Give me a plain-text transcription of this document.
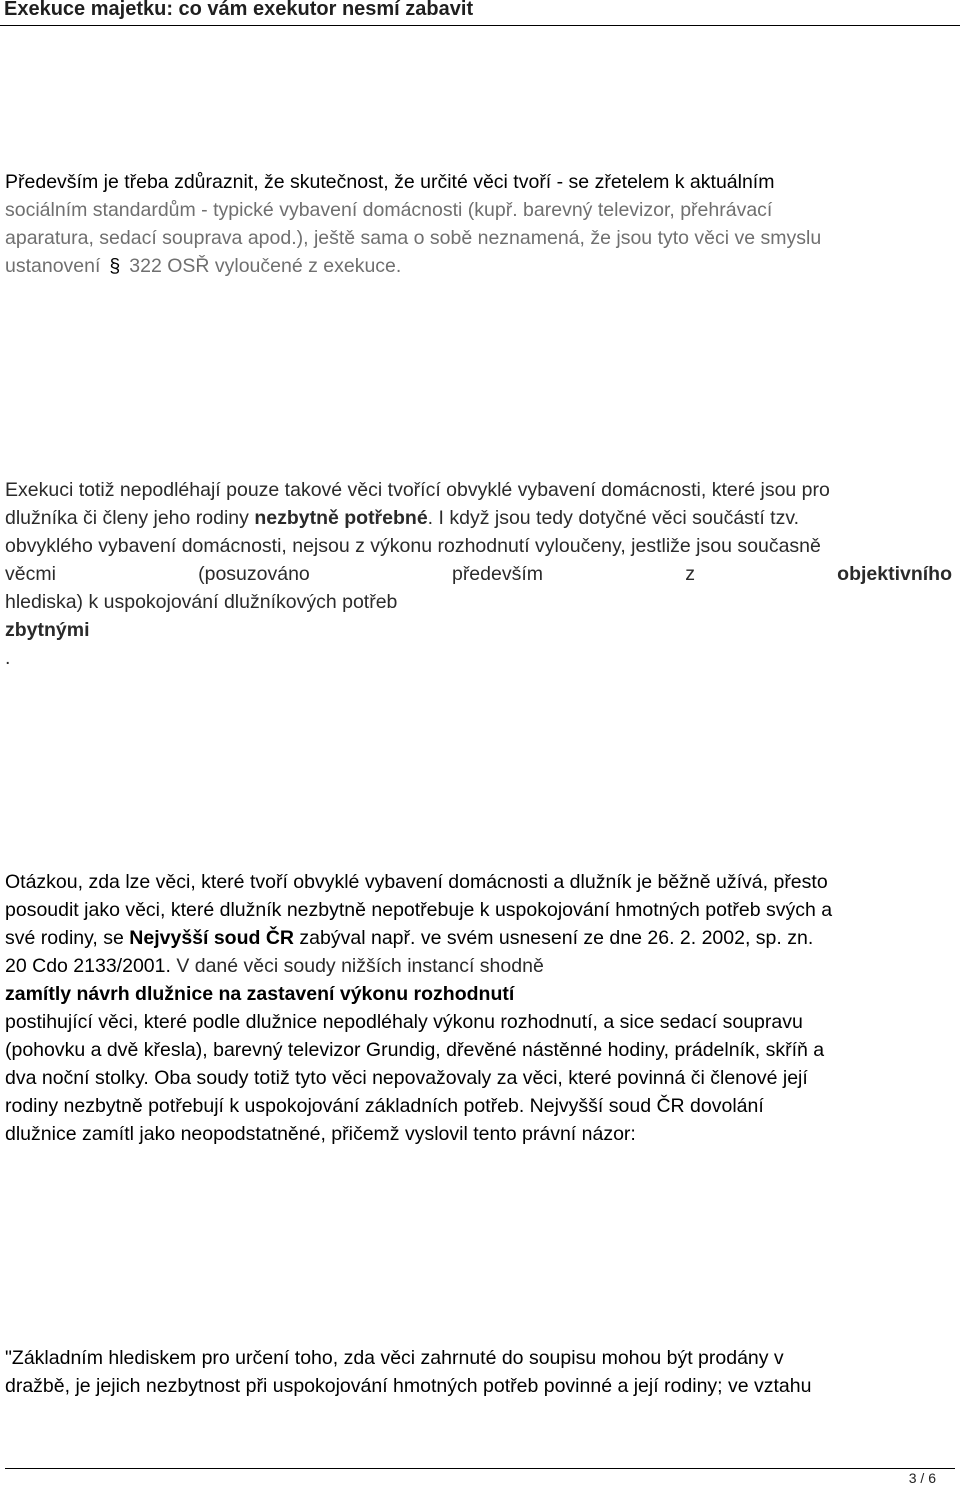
Exekuce majetku: co vám exekutor nesmí zabavit
Především je třeba zdůraznit, že skutečnost, že určité věci tvoří - se zřetelem k aktuálním
sociálním standardům - typické vybavení domácnosti (kupř. barevný televizor, přehrávací
aparatura, sedací souprava apod.), ještě sama o sobě neznamená, že jsou tyto věci ve smyslu
ustanovení § 322 OSŘ vyloučené z exekuce.
Exekuci totiž nepodléhají pouze takové věci tvořící obvyklé vybavení domácnosti, které jsou pro
dlužníka či členy jeho rodiny nezbytně potřebné. I když jsou tedy dotyčné věci součástí tzv.
obvyklého vybavení domácnosti, nejsou z výkonu rozhodnutí vyloučeny, jestliže jsou současně
věcmi (posuzováno především z	objektivního
hlediska) k uspokojování dlužníkových potřeb
zbytnými
.
Otázkou, zda lze věci, které tvoří obvyklé vybavení domácnosti a dlužník je běžně užívá, přesto
posoudit jako věci, které dlužník nezbytně nepotřebuje k uspokojování hmotných potřeb svých a
své rodiny, se Nejvyšší soud ČR zabýval např. ve svém usnesení ze dne 26. 2. 2002, sp. zn.
20 Cdo 2133/2001. V dané věci soudy nižších instancí shodně
zamítly návrh dlužnice na zastavení výkonu rozhodnutí
postihující věci, které podle dlužnice nepodléhaly výkonu rozhodnutí, a sice sedací soupravu
(pohovku a dvě křesla), barevný televizor Grundig, dřevěné nástěnné hodiny, prádelník, skříň a
dva noční stolky. Oba soudy totiž tyto věci nepovažovaly za věci, které povinná či členové její
rodiny nezbytně potřebují k uspokojování základních potřeb. Nejvyšší soud ČR dovolání
dlužnice zamítl jako neopodstatněné, přičemž vyslovil tento právní názor:
"Základním hlediskem pro určení toho, zda věci zahrnuté do soupisu mohou být prodány v
dražbě, je jejich nezbytnost při uspokojování hmotných potřeb povinné a její rodiny; ve vztahu
3 / 6
